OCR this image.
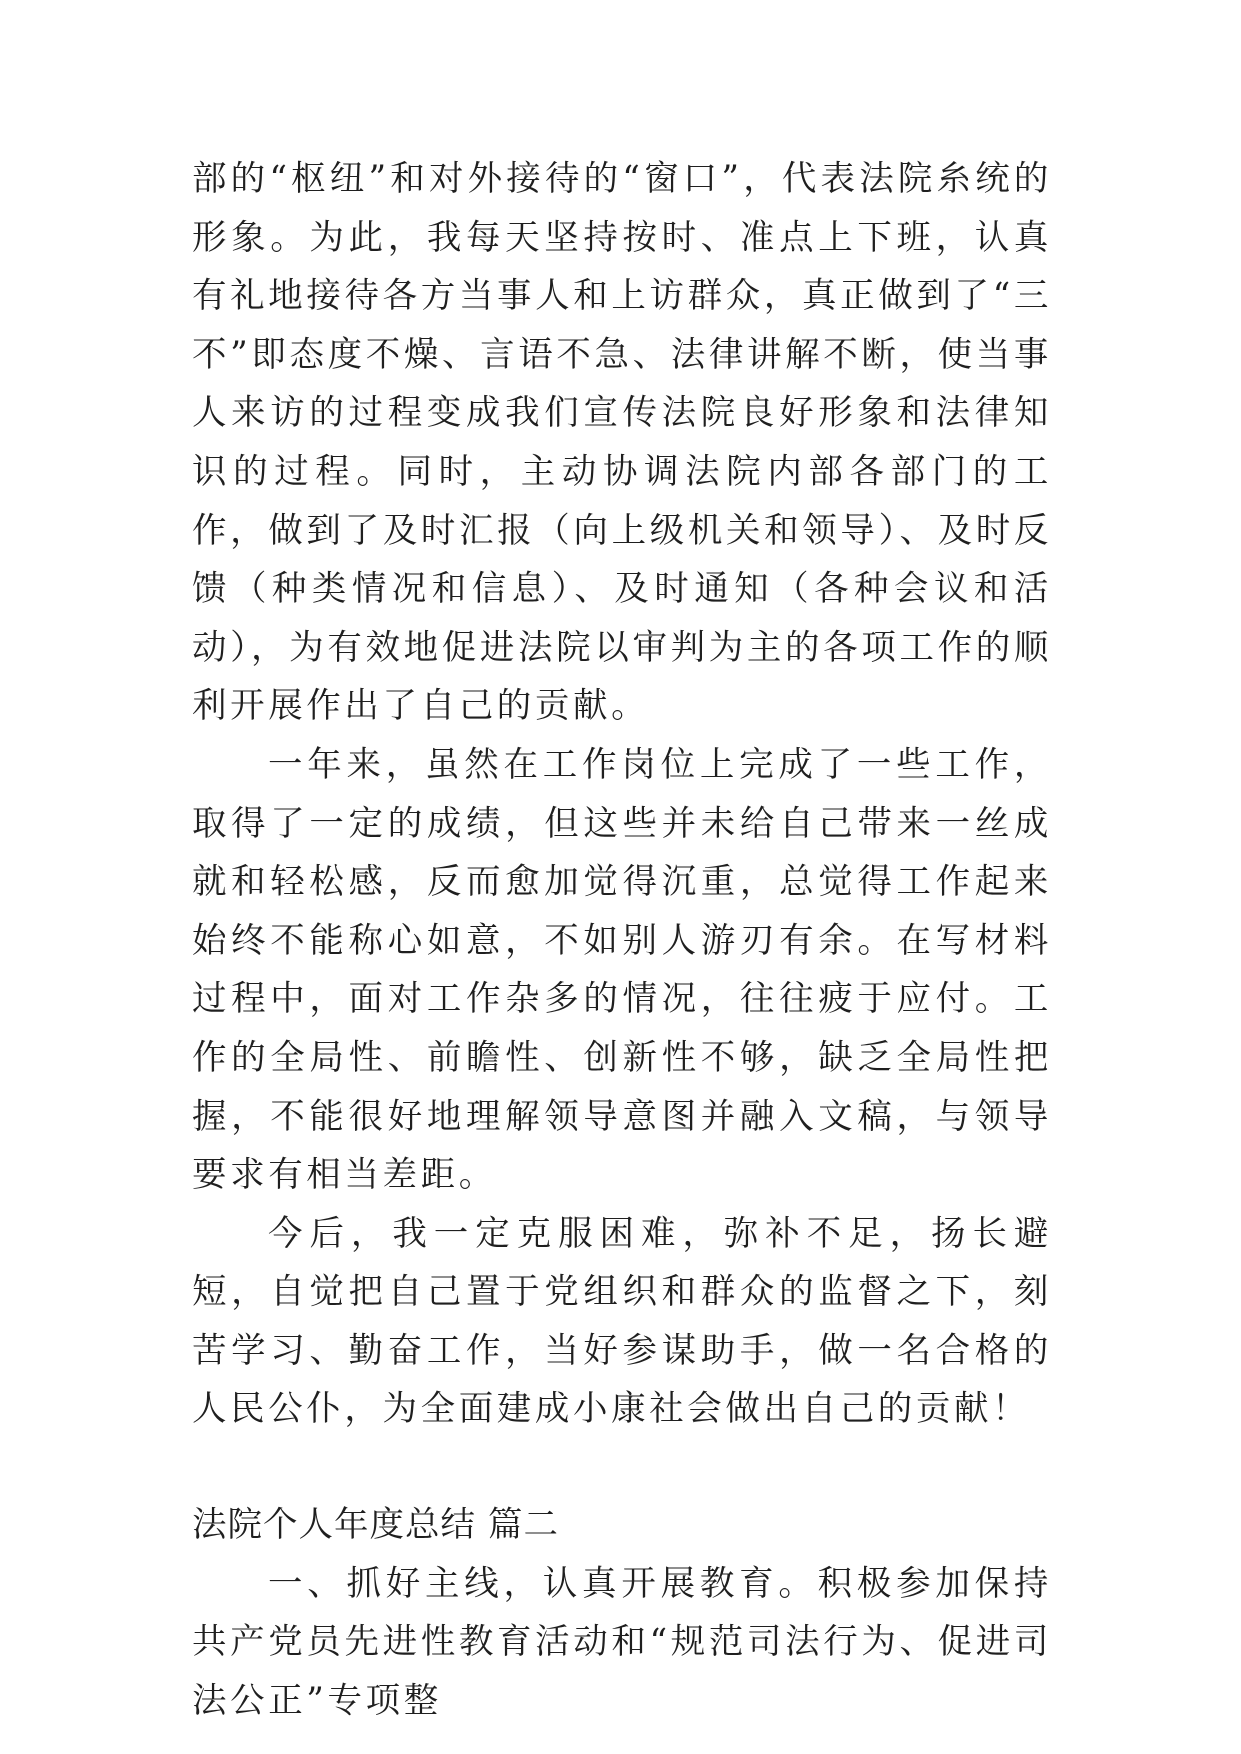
部的“枢纽”和对外接待的“窗口”，代表法院糸统的形象。为此，我每天坚持按时、准点上下班，认真有礼地接待各方当事人和上访群众，真正做到了“三不”即态度不燥、言语不急、法律讲解不断，使当事人来访的过程变成我们宣传法院良好形象和法律知识的过程。同时，主动协调法院内部各部门的工作，做到了及时汇报（向上级机关和领导）、及时反馈（种类情况和信息）、及时通知（各种会议和活动），为有效地促进法院以审判为主的各项工作的顺利开展作出了自己的贡献。

一年来，虽然在工作岗位上完成了一些工作，取得了一定的成绩，但这些并未给自己带来一丝成就和轻松感，反而愈加觉得沉重，总觉得工作起来始终不能称心如意，不如别人游刃有余。在写材料过程中，面对工作杂多的情况，往往疲于应付。工作的全局性、前瞻性、创新性不够，缺乏全局性把握，不能很好地理解领导意图并融入文稿，与领导要求有相当差距。

今后，我一定克服困难，弥补不足，扬长避短，自觉把自己置于党组织和群众的监督之下，刻苦学习、勤奋工作，当好参谋助手，做一名合格的人民公仆，为全面建成小康社会做出自己的贡献！

法院个人年度总结 篇二

一、抓好主线，认真开展教育。积极参加保持共产党员先进性教育活动和“规范司法行为、促进司法公正”专项整
